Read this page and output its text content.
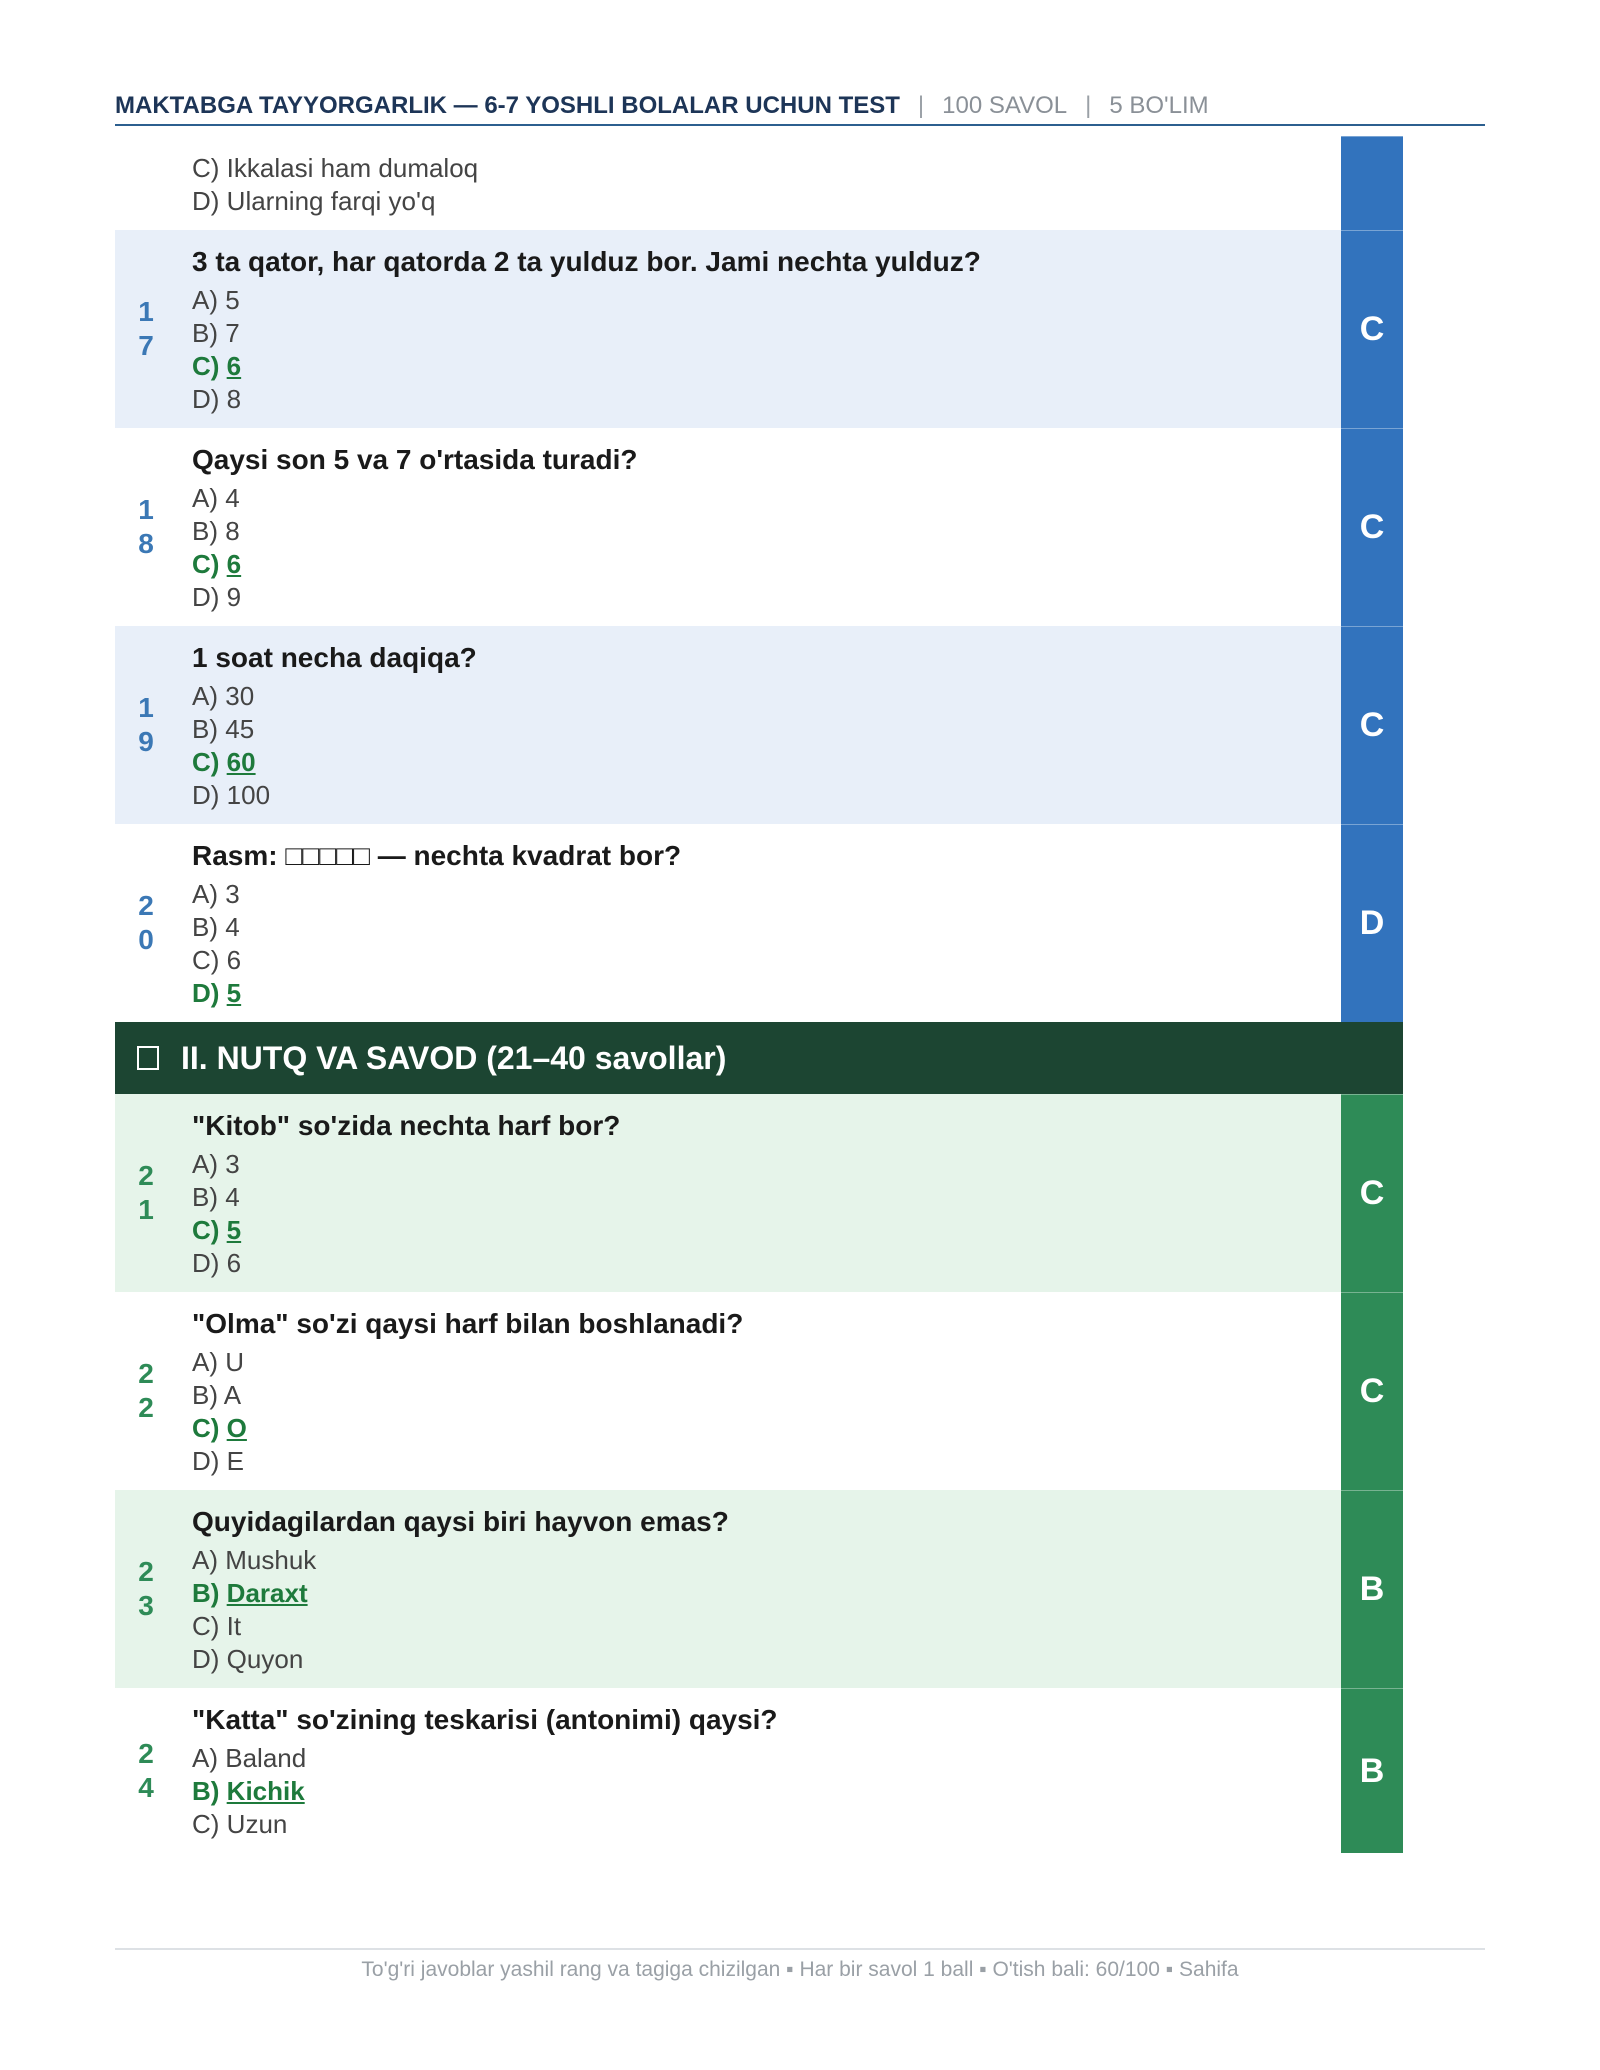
MAKTABGA TAYYORGARLIK — 6-7 YOSHLI BOLALAR UCHUN TEST | 100 SAVOL | 5 BO'LIM
C) Ikkalasi ham dumaloq
D) Ularning farqi yo'q
1
7
3 ta qator, har qatorda 2 ta yulduz bor. Jami nechta yulduz?
A) 5
B) 7
C) 6
D) 8
C
1
8
Qaysi son 5 va 7 o'rtasida turadi?
A) 4
B) 8
C) 6
D) 9
C
1
9
1 soat necha daqiqa?
A) 30
B) 45
C) 60
D) 100
C
2
0
Rasm: □□□□□ — nechta kvadrat bor?
A) 3
B) 4
C) 6
D) 5
D
II. NUTQ VA SAVOD (21–40 savollar)
2
1
"Kitob" so'zida nechta harf bor?
A) 3
B) 4
C) 5
D) 6
C
2
2
"Olma" so'zi qaysi harf bilan boshlanadi?
A) U
B) A
C) O
D) E
C
2
3
Quyidagilardan qaysi biri hayvon emas?
A) Mushuk
B) Daraxt
C) It
D) Quyon
B
2
4
"Katta" so'zining teskarisi (antonimi) qaysi?
A) Baland
B) Kichik
C) Uzun
B
To'g'ri javoblar yashil rang va tagiga chizilgan ▪ Har bir savol 1 ball ▪ O'tish bali: 60/100 ▪ Sahifa
